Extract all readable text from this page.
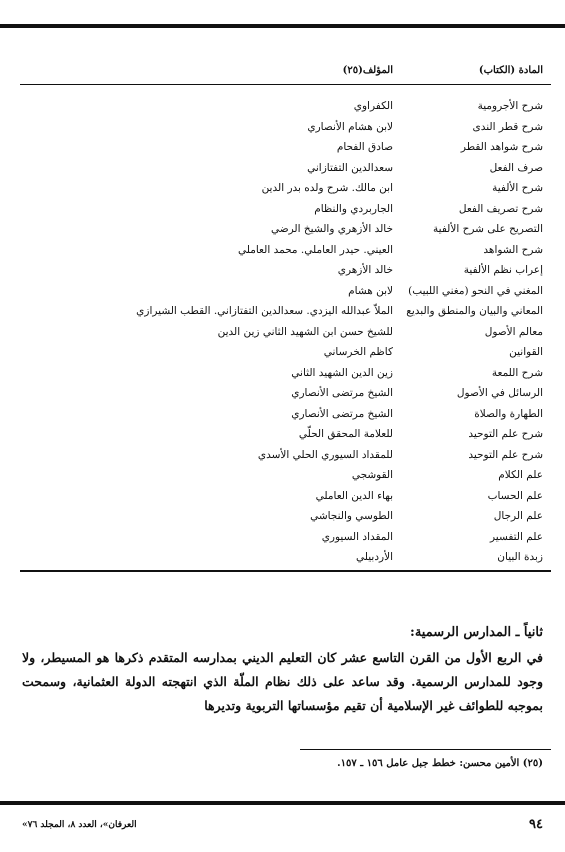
المادة (الكتاب)
المؤلف(٢٥)
شرح الأجرومية
الكفراوي
شرح قطر الندى
لابن هشام الأنصاري
شرح شواهد القطر
صادق الفحام
صرف الفعل
سعدالدين التفتازاني
شرح الألفية
ابن مالك. شرح ولده بدر الدين
شرح تصريف الفعل
الجاربردي والنظام
التصريح على شرح الألفية
خالد الأزهري والشيخ الرضي
شرح الشواهد
العيني. حيدر العاملي. محمد العاملي
إعراب نظم الألفية
خالد الأزهري
المغني في النحو (مغني اللبيب)
لابن هشام
المعاني والبيان والمنطق والبديع
الملاّ عبدالله اليزدي. سعدالدين التفتازاني. القطب الشيرازي
معالم الأصول
للشيخ حسن ابن الشهيد الثاني زين الدين
القوانين
كاظم الخرساني
شرح اللمعة
زين الدين الشهيد الثاني
الرسائل في الأصول
الشيخ مرتضى الأنصاري
الطهارة والصلاة
الشيخ مرتضى الأنصاري
شرح علم التوحيد
للعلامة المحقق الحلّي
شرح علم التوحيد
للمقداد السيوري الحلي الأسدي
علم الكلام
القوشجي
علم الحساب
بهاء الدين العاملي
علم الرجال
الطوسي والنجاشي
علم التفسير
المقداد السيوري
زبدة البيان
الأردبيلي
ثانياً ـ المدارس الرسمية:
في الربع الأول من القرن التاسع عشر كان التعليم الديني بمدارسه المتقدم ذكرها هو المسيطر، ولا وجود للمدارس الرسمية. وقد ساعد على ذلك نظام الملّة الذي انتهجته الدولة العثمانية، وسمحت بموجبه للطوائف غير الإسلامية أن تقيم مؤسساتها التربوية وتديرها
(٢٥) الأمين محسن: خطط جبل عامل ١٥٦ ـ ١٥٧.
٩٤
«العرفان»، العدد ٨، المجلد ٧٦
